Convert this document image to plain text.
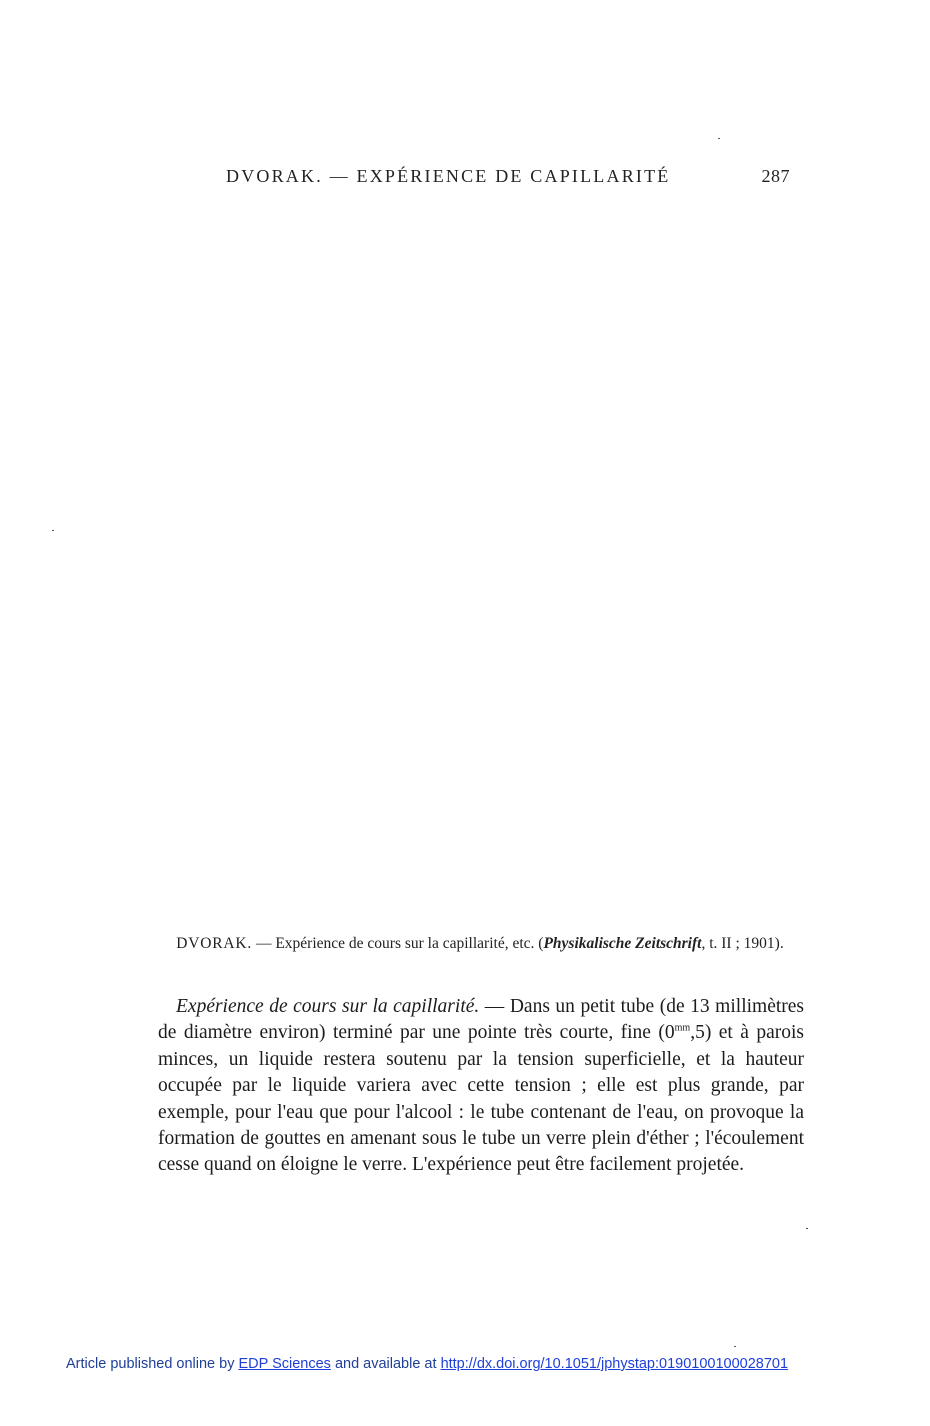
DVORAK. — EXPÉRIENCE DE CAPILLARITÉ	287
DVORAK. — Expérience de cours sur la capillarité, etc. (Physikalische Zeitschrift, t. II ; 1901).

Expérience de cours sur la capillarité. — Dans un petit tube (de 13 millimètres de diamètre environ) terminé par une pointe très courte, fine $(0^{mm},5)$ et à parois minces, un liquide restera soutenu par la tension superficielle, et la hauteur occupée par le liquide variera avec cette tension ; elle est plus grande, par exemple, pour l'eau que pour l'alcool : le tube contenant de l'eau, on provoque la formation de gouttes en amenant sous le tube un verre plein d'éther ; l'écoulement cesse quand on éloigne le verre. L'expérience peut être facilement projetée.

Article published online by EDP Sciences and available at http://dx.doi.org/10.1051/jphystap:0190100100028701
